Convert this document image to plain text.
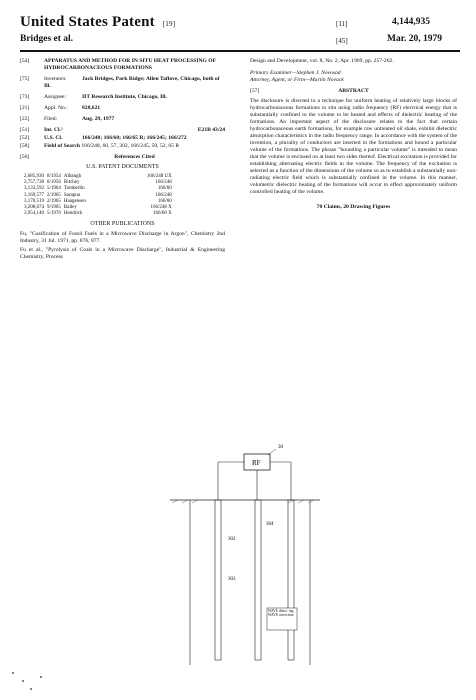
United States Patent [19]	[11]	4,144,935
Bridges et al.	[45]	Mar. 20, 1979
[54]	APPARATUS AND METHOD FOR IN SITU HEAT PROCESSING OF HYDROCARBONACEOUS FORMATIONS
[75]	Inventors:	Jack Bridges, Park Ridge; Allen Taflove, Chicago, both of Ill.
[73]	Assignee:	IIT Research Institute, Chicago, Ill.
[21]	Appl. No.:	828,621
[22]	Filed:	Aug. 29, 1977
[51]	Int. Cl.²	E21B 43/24
[52]	U.S. Cl.	166/248; 166/60; 166/65 R; 166/245; 166/272
[58]	Field of Search 166/248, 60, 57, 302, 166/245, 50, 52, 65 R
[56]	References Cited
U.S. PATENT DOCUMENTS
2,685,930	8/1954	Albaugh	166/248 UX
2,757,738	8/1956	Ritchey	166/248
3,133,592	5/1964	Tomberlin	166/60
3,169,577	2/1965	Sarapuu	166/248
3,170,519	2/1965	Haagensen	166/60
3,208,674	9/1965	Bailey	166/248 X
3,954,140	5/1976	Hendrick	166/60 X
OTHER PUBLICATIONS
Fu, "Gasification of Fossil Fuels in a Microwave Discharge in Argon", Chemistry 2nd Industry, 31 Jul. 1971, pp. 876, 877.
Fu et al., "Pyrolysis of Coals in a Microwave Discharge", Industrial & Engineering Chemistry, Process
Design and Development, vol. 8, No. 2, Apr. 1969, pp. 257-262.
Primary Examiner—Stephen J. Novosad
Attorney, Agent, or Firm—Martin Novack
[57]	ABSTRACT
The disclosure is directed to a technique for uniform heating of relatively large blocks of hydrocarbonaceous formations in situ using radio frequency (RF) electrical energy that is substantially confined to the volume to be heated and effects of dielectric heating of the formations. An important aspect of the disclosure relates to the fact that certain hydrocarbonaceous earth formations, for example raw untreated oil shale, exhibit dielectric absorption characteristics in the radio frequency range. In accordance with the system of the invention, a plurality of conductors are inserted in the formations and bound a particular volume of the formations. The phrase "bounding a particular volume" is intended to mean that the volume is enclosed on at least two sides thereof. Electrical excitation is provided for establishing alternating electric fields in the volume. The frequency of the excitation is selected as a function of the dimensions of the volume so as to establish a substantially non-radiating electric field which is substantially confined in the volume. In this manner, volumetric dielectric heating of the formations will occur to effect approximately uniform controlled heating of the volume.
70 Claims, 20 Drawing Figures
RF
30
302
303
304
WAVE direct. ing WAVE correction
